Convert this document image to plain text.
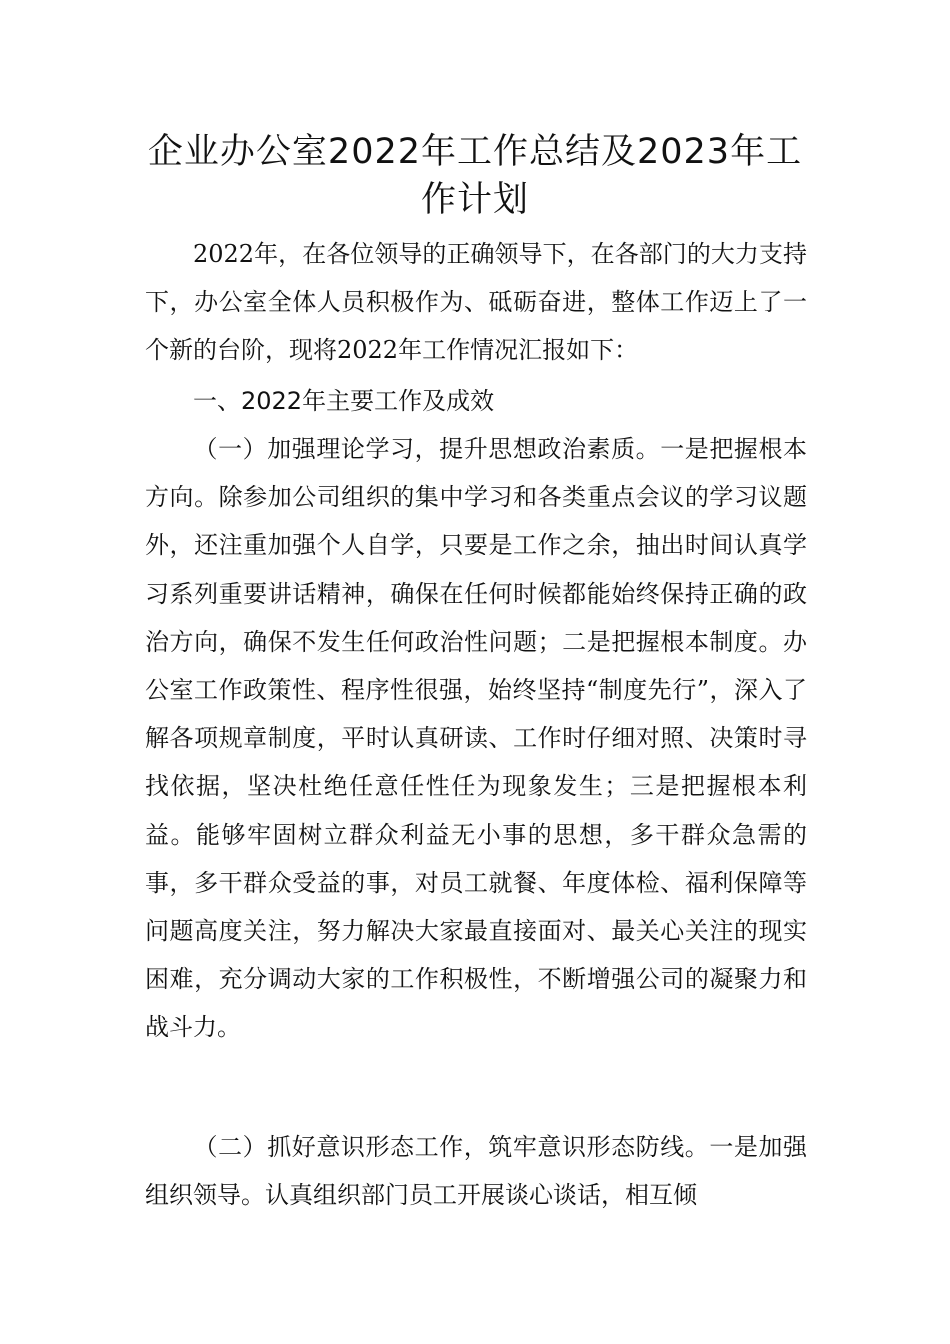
企业办公室2022年工作总结及2023年工作计划

2022年，在各位领导的正确领导下，在各部门的大力支持下，办公室全体人员积极作为、砥砺奋进，整体工作迈上了一个新的台阶，现将2022年工作情况汇报如下：

一、2022年主要工作及成效

（一）加强理论学习，提升思想政治素质。一是把握根本方向。除参加公司组织的集中学习和各类重点会议的学习议题外，还注重加强个人自学，只要是工作之余，抽出时间认真学习系列重要讲话精神，确保在任何时候都能始终保持正确的政治方向，确保不发生任何政治性问题；二是把握根本制度。办公室工作政策性、程序性很强，始终坚持“制度先行”，深入了解各项规章制度，平时认真研读、工作时仔细对照、决策时寻找依据，坚决杜绝任意任性任为现象发生；三是把握根本利益。能够牢固树立群众利益无小事的思想，多干群众急需的事，多干群众受益的事，对员工就餐、年度体检、福利保障等问题高度关注，努力解决大家最直接面对、最关心关注的现实困难，充分调动大家的工作积极性，不断增强公司的凝聚力和战斗力。

（二）抓好意识形态工作，筑牢意识形态防线。一是加强组织领导。认真组织部门员工开展谈心谈话，相互倾
